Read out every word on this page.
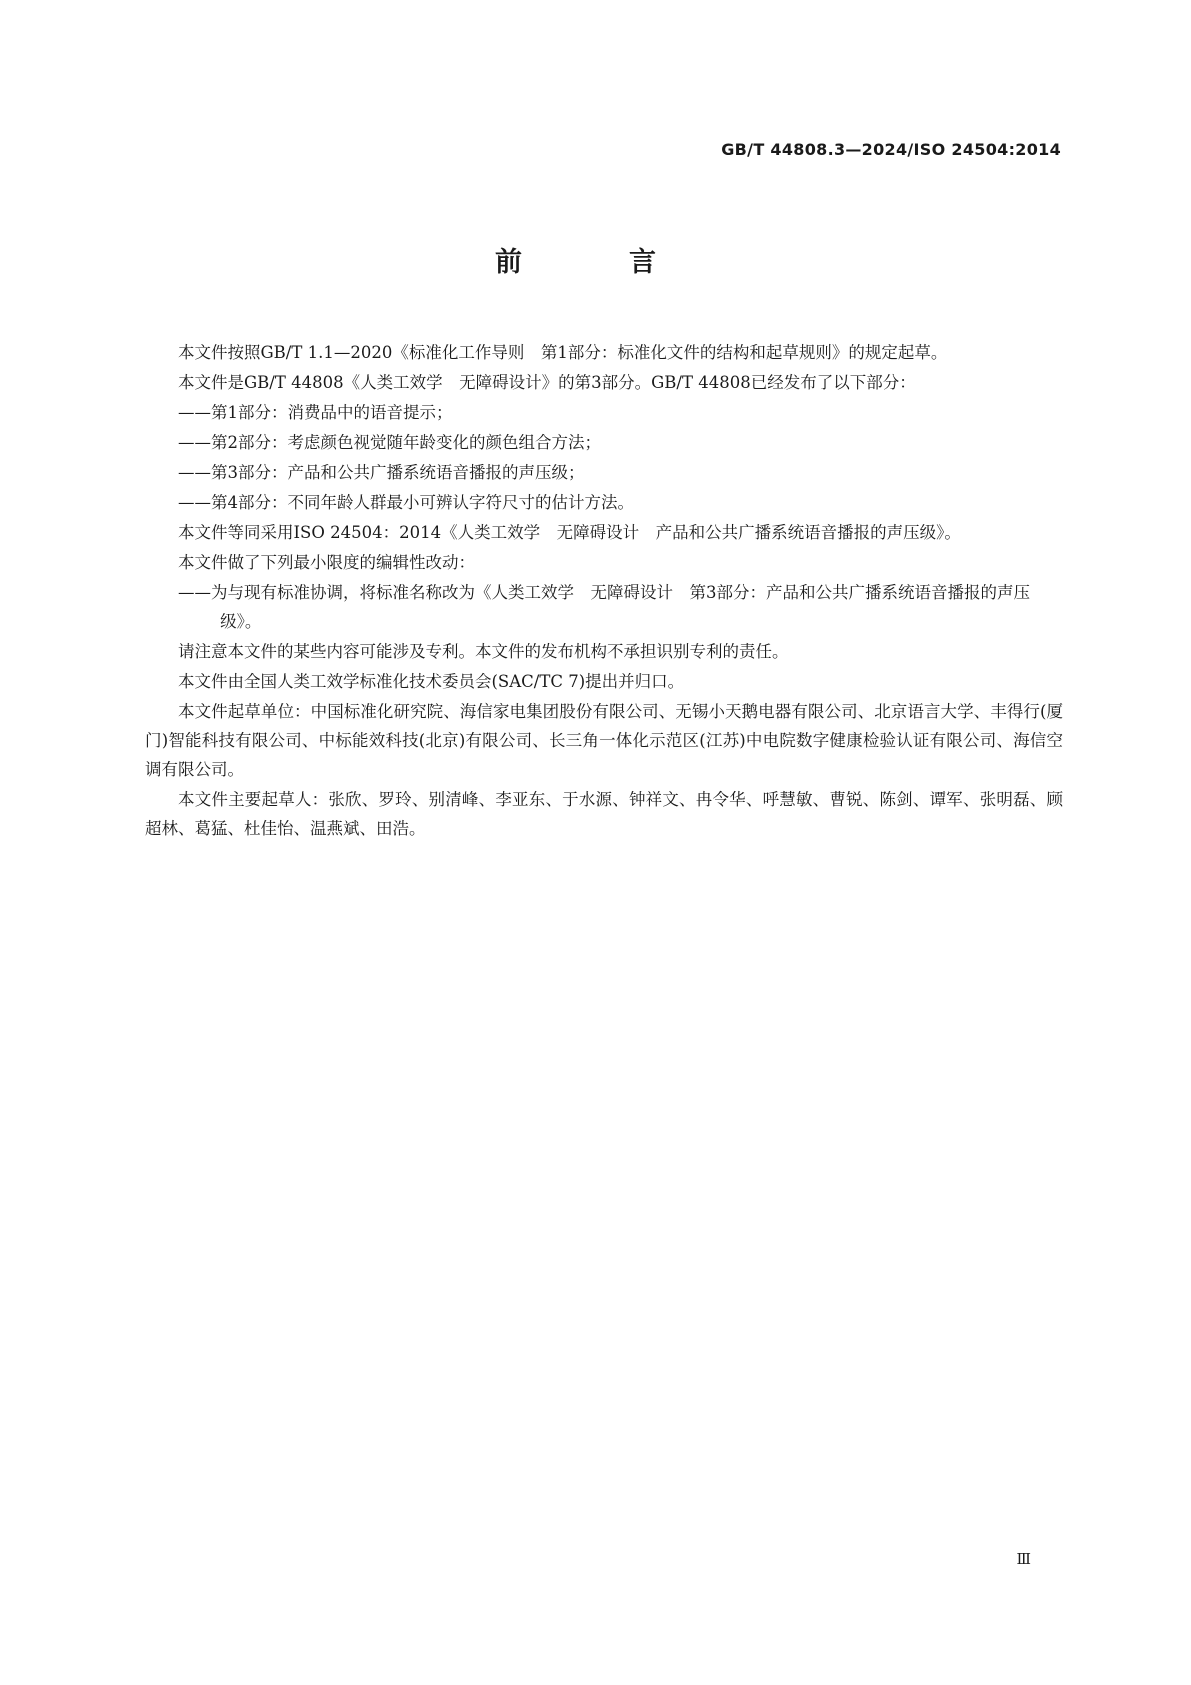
GB/T 44808.3—2024/ISO 24504:2014
前　言

本文件按照GB/T 1.1—2020《标准化工作导则　第1部分：标准化文件的结构和起草规则》的规定起草。

本文件是GB/T 44808《人类工效学　无障碍设计》的第3部分。GB/T 44808已经发布了以下部分：

——第1部分：消费品中的语音提示；

——第2部分：考虑颜色视觉随年龄变化的颜色组合方法；

——第3部分：产品和公共广播系统语音播报的声压级；

——第4部分：不同年龄人群最小可辨认字符尺寸的估计方法。

本文件等同采用ISO 24504：2014《人类工效学　无障碍设计　产品和公共广播系统语音播报的声压级》。

本文件做了下列最小限度的编辑性改动：

——为与现有标准协调，将标准名称改为《人类工效学　无障碍设计　第3部分：产品和公共广播系统语音播报的声压级》。

请注意本文件的某些内容可能涉及专利。本文件的发布机构不承担识别专利的责任。

本文件由全国人类工效学标准化技术委员会(SAC/TC 7)提出并归口。

本文件起草单位：中国标准化研究院、海信家电集团股份有限公司、无锡小天鹅电器有限公司、北京语言大学、丰得行(厦门)智能科技有限公司、中标能效科技(北京)有限公司、长三角一体化示范区(江苏)中电院数字健康检验认证有限公司、海信空调有限公司。

本文件主要起草人：张欣、罗玲、别清峰、李亚东、于水源、钟祥文、冉令华、呼慧敏、曹锐、陈剑、谭军、张明磊、顾超林、葛猛、杜佳怡、温燕斌、田浩。

Ⅲ
